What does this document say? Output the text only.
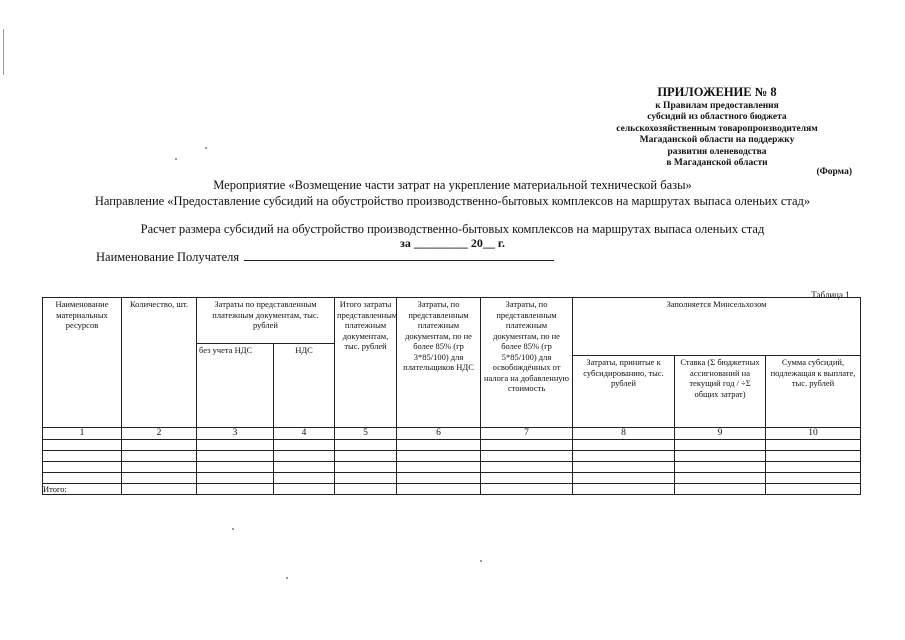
ПРИЛОЖЕНИЕ № 8
к Правилам предоставления
субсидий из областного бюджета
сельскохозяйственным товаропроизводителям
Магаданской области на поддержку
развития оленеводства
в Магаданской области
(Форма)
Мероприятие «Возмещение части затрат на укрепление материальной технической базы»
Направление «Предоставление субсидий на обустройство производственно-бытовых комплексов на маршрутах выпаса оленьих стад»
Расчет размера субсидий на обустройство производственно-бытовых комплексов на маршрутах выпаса оленьих стад
за _________ 20__ г.
Наименование Получателя
Таблица 1.
Наименование материальных ресурсов	Количество, шт.	Затраты по представленным платежным документам, тыс. рублей		Итого затраты представленным платежным документам, тыс. рублей	Затраты, по представленным платежным документам, по не более 85% (гр 3*85/100) для плательщиков НДС	Затраты, по представленным платежным документам, по не более 85% (гр 5*85/100) для освобождённых от налога на добавленную стоимость	Заполняется Минсельхозом		
		без учета НДС	НДС						
							Затраты, принятые к субсидированию, тыс. рублей	Ставка (Σ бюджетных ассигнований на текущий год / ÷Σ общих затрат)	Сумма субсидий, подлежащая к выплате, тыс. рублей
1	2	3	4	5	6	7	8	9	10

Итого:									
